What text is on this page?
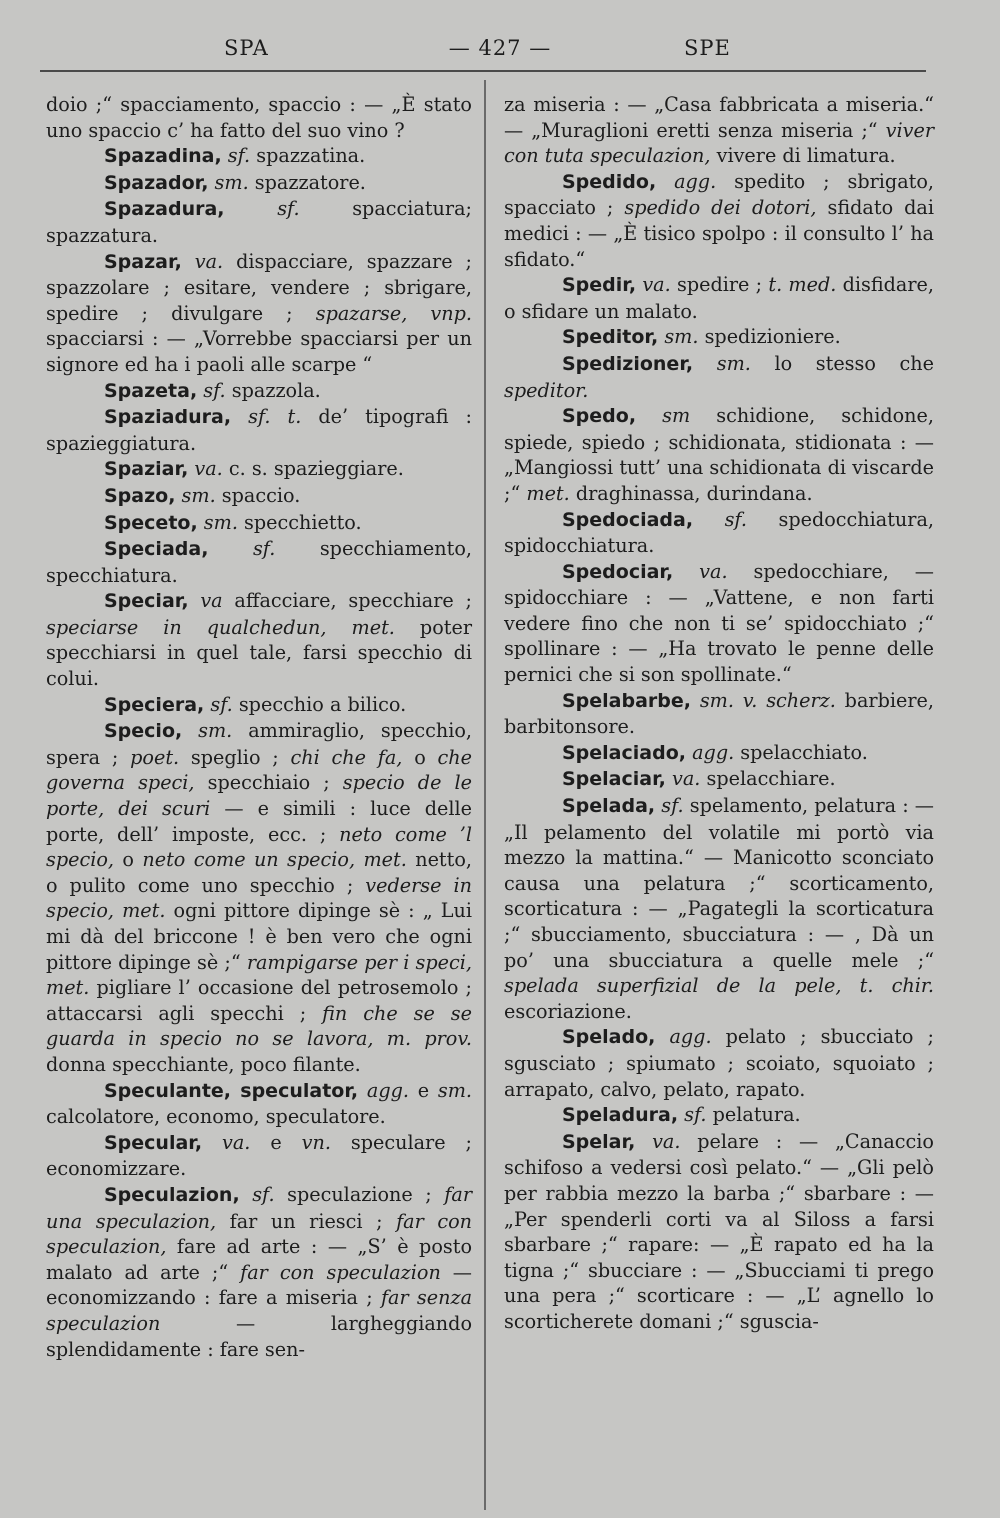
SPA	— 427 —	SPE

doio ;“ spacciamento, spaccio : — „È stato uno spaccio c’ ha fatto del suo vino ?

Spazadina, sf. spazzatina.

Spazador, sm. spazzatore.

Spazadura,	sf. spacciatura; spazzatura.

Spazar, va. dispacciare, spazzare ; spazzolare ; esitare, vendere ; sbrigare, spedire ; divulgare ; spazarse, vnp. spacciarsi : — „Vorrebbe spacciarsi per un signore ed ha i paoli alle scarpe “

Spazeta, sf. spazzola.

Spaziadura, sf. t. de’ tipografi : spazieggiatura.

Spaziar, va. c. s. spazieggiare.

Spazo, sm. spaccio.

Speceto, sm. specchietto.

Speciada, sf. specchiamento, specchiatura.

Speciar, va affacciare, specchiare ; speciarse in qualchedun, met. poter specchiarsi in quel tale, farsi specchio di colui.

Speciera, sf. specchio a bilico.

Specio, sm. ammiraglio, specchio, spera ; poet. speglio ; chi che fa, o che governa speci, specchiaio ; specio de le porte, dei scuri — e simili : luce delle porte, dell’ imposte, ecc. ; neto come ’l specio, o neto come un specio, met. netto, o pulito come uno specchio ; vederse in specio, met. ogni pittore dipinge sè : „ Lui mi dà del briccone ! è ben vero che ogni pittore dipinge sè ;“ rampigarse per i speci, met. pigliare l’ occasione del petrosemolo ; attaccarsi agli specchi ; fin che se se guarda in specio no se lavora, m. prov. donna specchiante, poco filante.

Speculante, speculator, agg. e sm. calcolatore, economo, speculatore.

Specular, va. e vn. speculare ; economizzare.

Speculazion, sf. speculazione ; far una speculazion, far un riesci ; far con speculazion, fare ad arte : — „S’ è posto malato ad arte ;“ far con speculazion — economizzando : fare a miseria ; far senza speculazion — largheggiando splendidamente : fare sen-

za miseria : — „Casa fabbricata a miseria.“ — „Muraglioni eretti senza miseria ;“ viver con tuta speculazion, vivere di limatura.

Spedido, agg. spedito ; sbrigato, spacciato ; spedido dei dotori, sfidato dai medici : — „È tisico spolpo : il consulto l’ ha sfidato.“

Spedir, va. spedire ; t. med. disfidare, o sfidare un malato.

Speditor, sm. spedizioniere.

Spedizioner, sm. lo stesso che speditor.

Spedo, sm schidione, schidone, spiede, spiedo ; schidionata, stidionata : — „Mangiossi tutt’ una schidionata di viscarde ;“ met. draghinassa, durindana.

Spedociada, sf. spedocchiatura, spidocchiatura.

Spedociar, va. spedocchiare, — spidocchiare : — „Vattene, e non farti vedere fino che non ti se’ spidocchiato ;“ spollinare : — „Ha trovato le penne delle pernici che si son spollinate.“

Spelabarbe, sm. v. scherz. barbiere, barbitonsore.

Spelaciado, agg. spelacchiato.

Spelaciar, va. spelacchiare.

Spelada, sf. spelamento, pelatura : — „Il pelamento del volatile mi portò via mezzo la mattina.“ — Manicotto sconciato causa una pelatura ;“ scorticamento, scorticatura : — „Pagategli la scorticatura ;“ sbucciamento, sbucciatura : — , Dà un po’ una sbucciatura a quelle mele ;“ spelada superfizial de la pele, t. chir. escoriazione.

Spelado, agg. pelato ; sbucciato ; sgusciato ; spiumato ; scoiato, squoiato ; arrapato, calvo, pelato, rapato.

Speladura, sf. pelatura.

Spelar, va. pelare : — „Canaccio schifoso a vedersi così pelato.“ — „Gli pelò per rabbia mezzo la barba ;“ sbarbare : — „Per spenderli corti va al Siloss a farsi sbarbare ;“ rapare: — „È rapato ed ha la tigna ;“ sbucciare : — „Sbucciami ti prego una pera ;“ scorticare : — „L’ agnello lo scorticherete domani ;“ sguscia-
